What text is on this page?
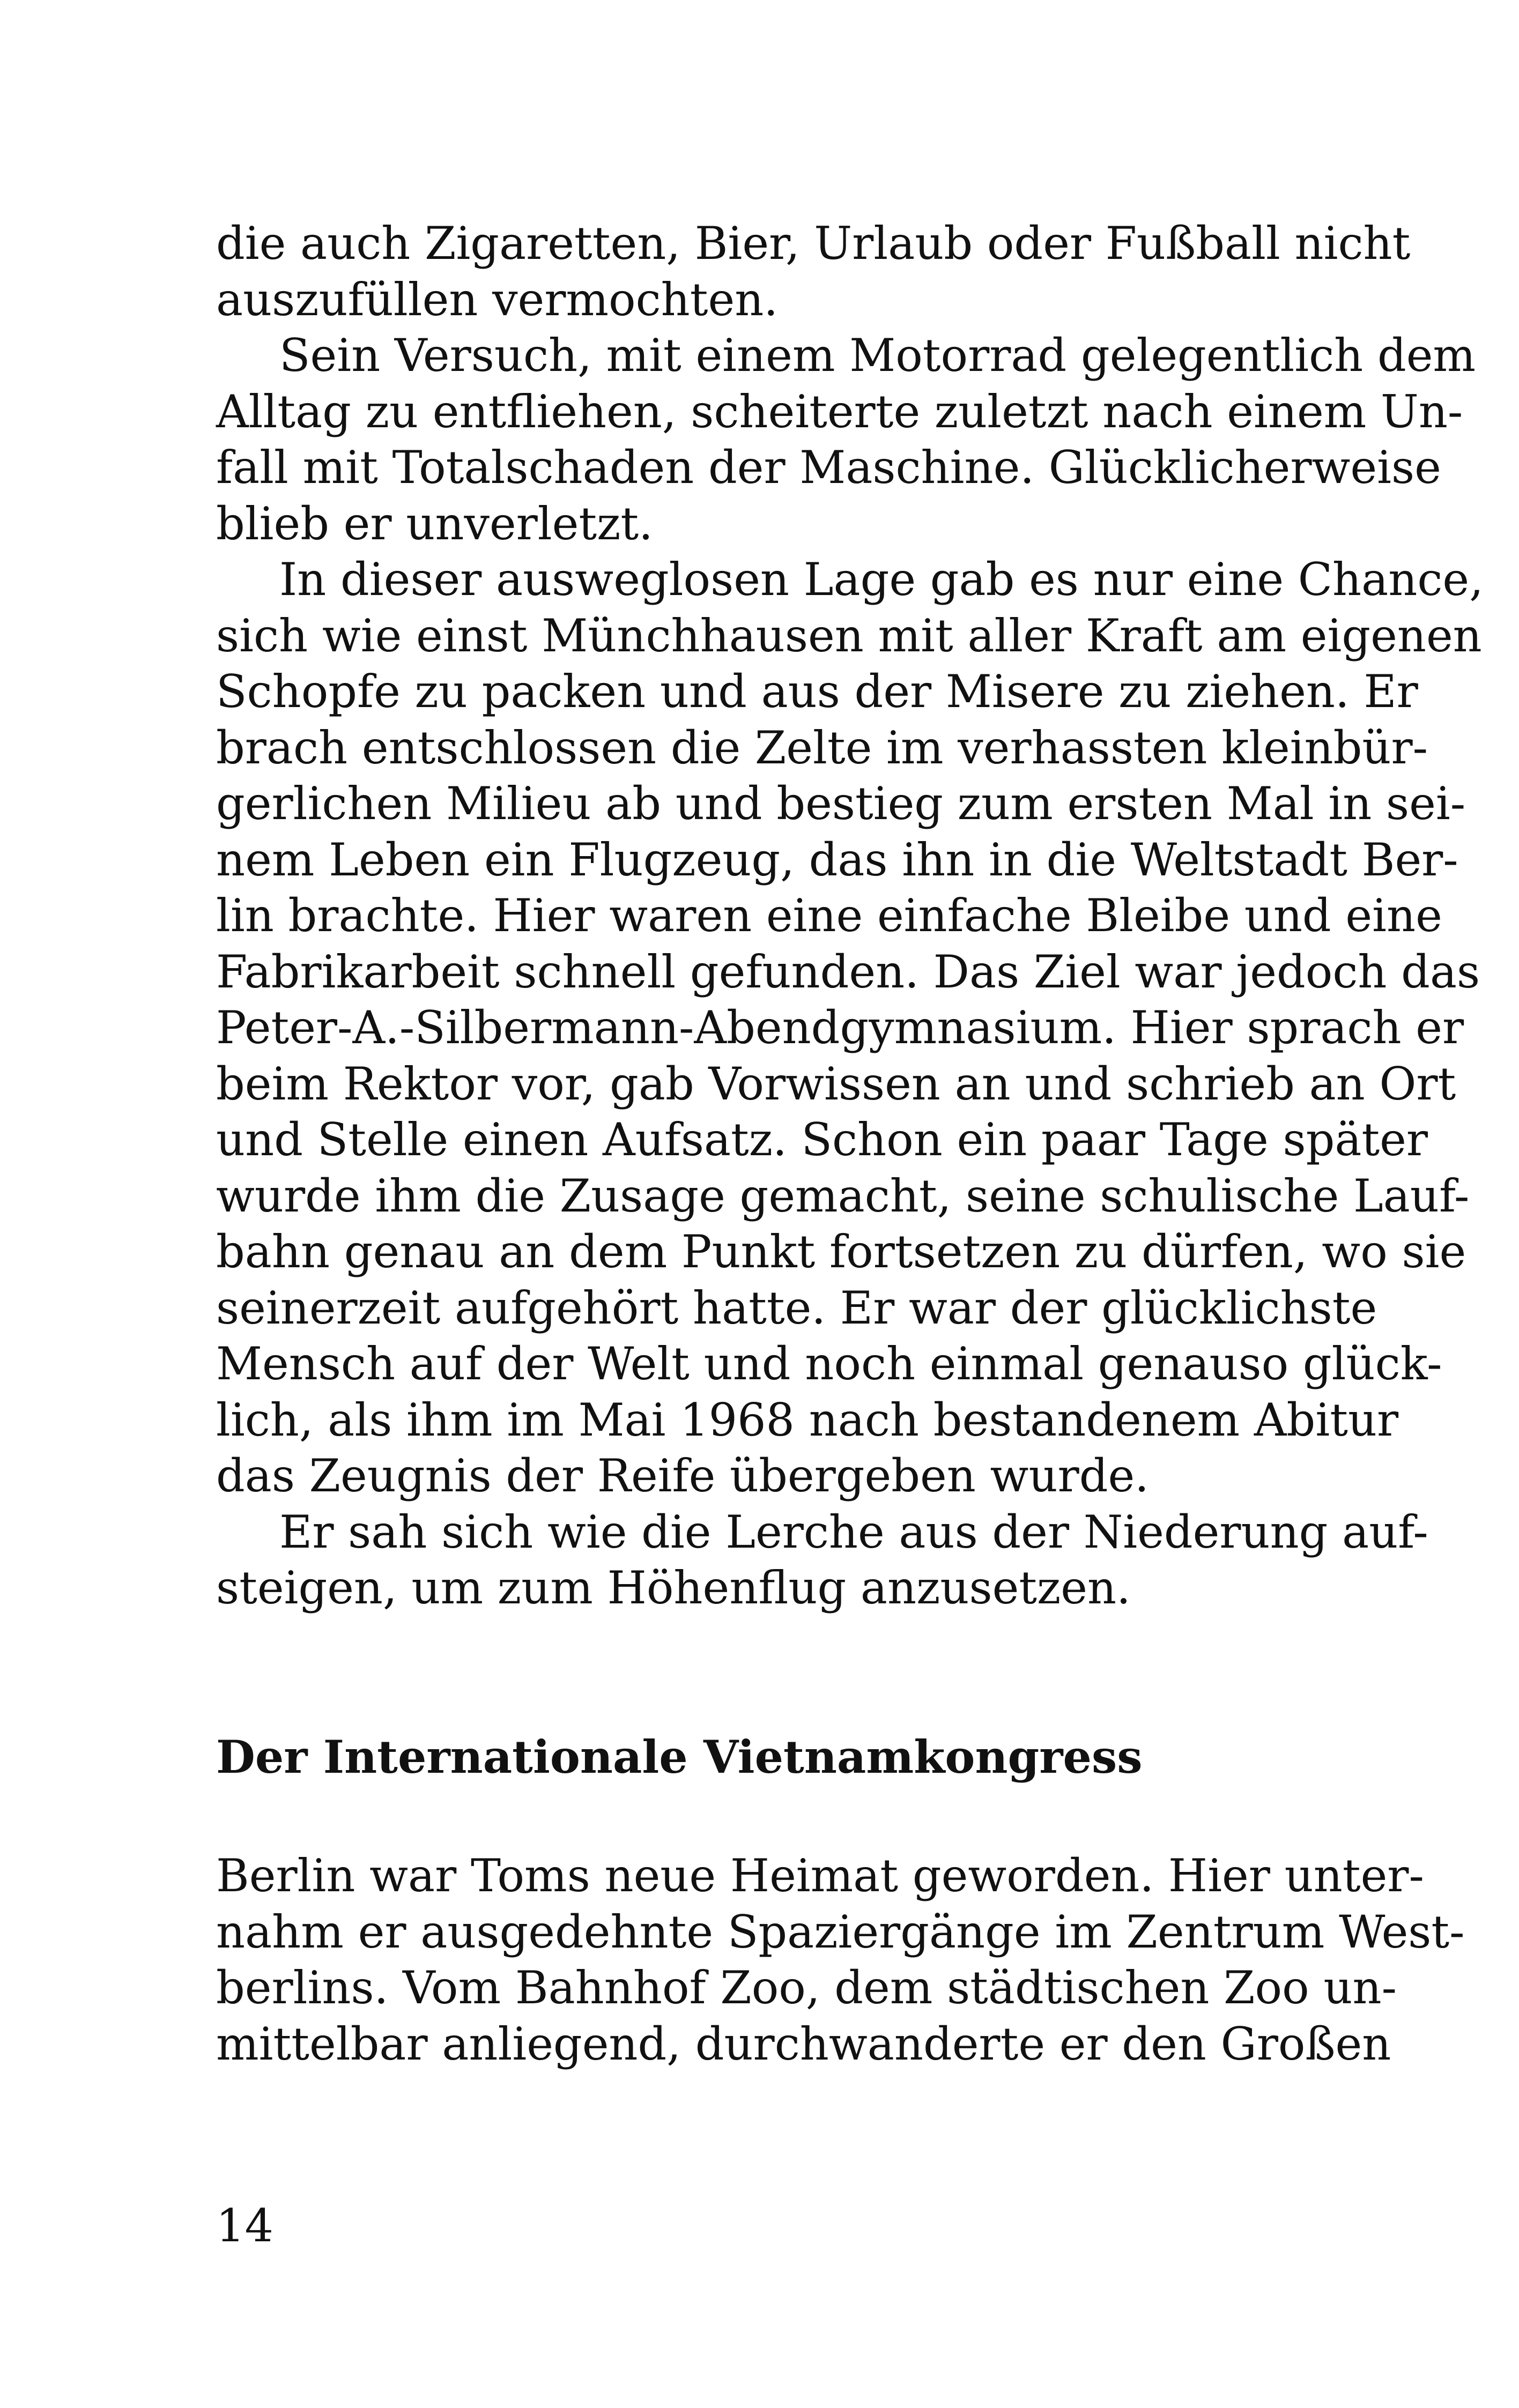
die auch Zigaretten, Bier, Urlaub oder Fußball nicht
auszufüllen vermochten.
Sein Versuch, mit einem Motorrad gelegentlich dem
Alltag zu entfliehen, scheiterte zuletzt nach einem Un-
fall mit Totalschaden der Maschine. Glücklicherweise
blieb er unverletzt.
In dieser ausweglosen Lage gab es nur eine Chance,
sich wie einst Münchhausen mit aller Kraft am eigenen
Schopfe zu packen und aus der Misere zu ziehen. Er
brach entschlossen die Zelte im verhassten kleinbür-
gerlichen Milieu ab und bestieg zum ersten Mal in sei-
nem Leben ein Flugzeug, das ihn in die Weltstadt Ber-
lin brachte. Hier waren eine einfache Bleibe und eine
Fabrikarbeit schnell gefunden. Das Ziel war jedoch das
Peter-A.-Silbermann-Abendgymnasium. Hier sprach er
beim Rektor vor, gab Vorwissen an und schrieb an Ort
und Stelle einen Aufsatz. Schon ein paar Tage später
wurde ihm die Zusage gemacht, seine schulische Lauf-
bahn genau an dem Punkt fortsetzen zu dürfen, wo sie
seinerzeit aufgehört hatte. Er war der glücklichste
Mensch auf der Welt und noch einmal genauso glück-
lich, als ihm im Mai 1968 nach bestandenem Abitur
das Zeugnis der Reife übergeben wurde.
Er sah sich wie die Lerche aus der Niederung auf-
steigen, um zum Höhenflug anzusetzen.
Der Internationale Vietnamkongress
Berlin war Toms neue Heimat geworden. Hier unter-
nahm er ausgedehnte Spaziergänge im Zentrum West-
berlins. Vom Bahnhof Zoo, dem städtischen Zoo un-
mittelbar anliegend, durchwanderte er den Großen
14
